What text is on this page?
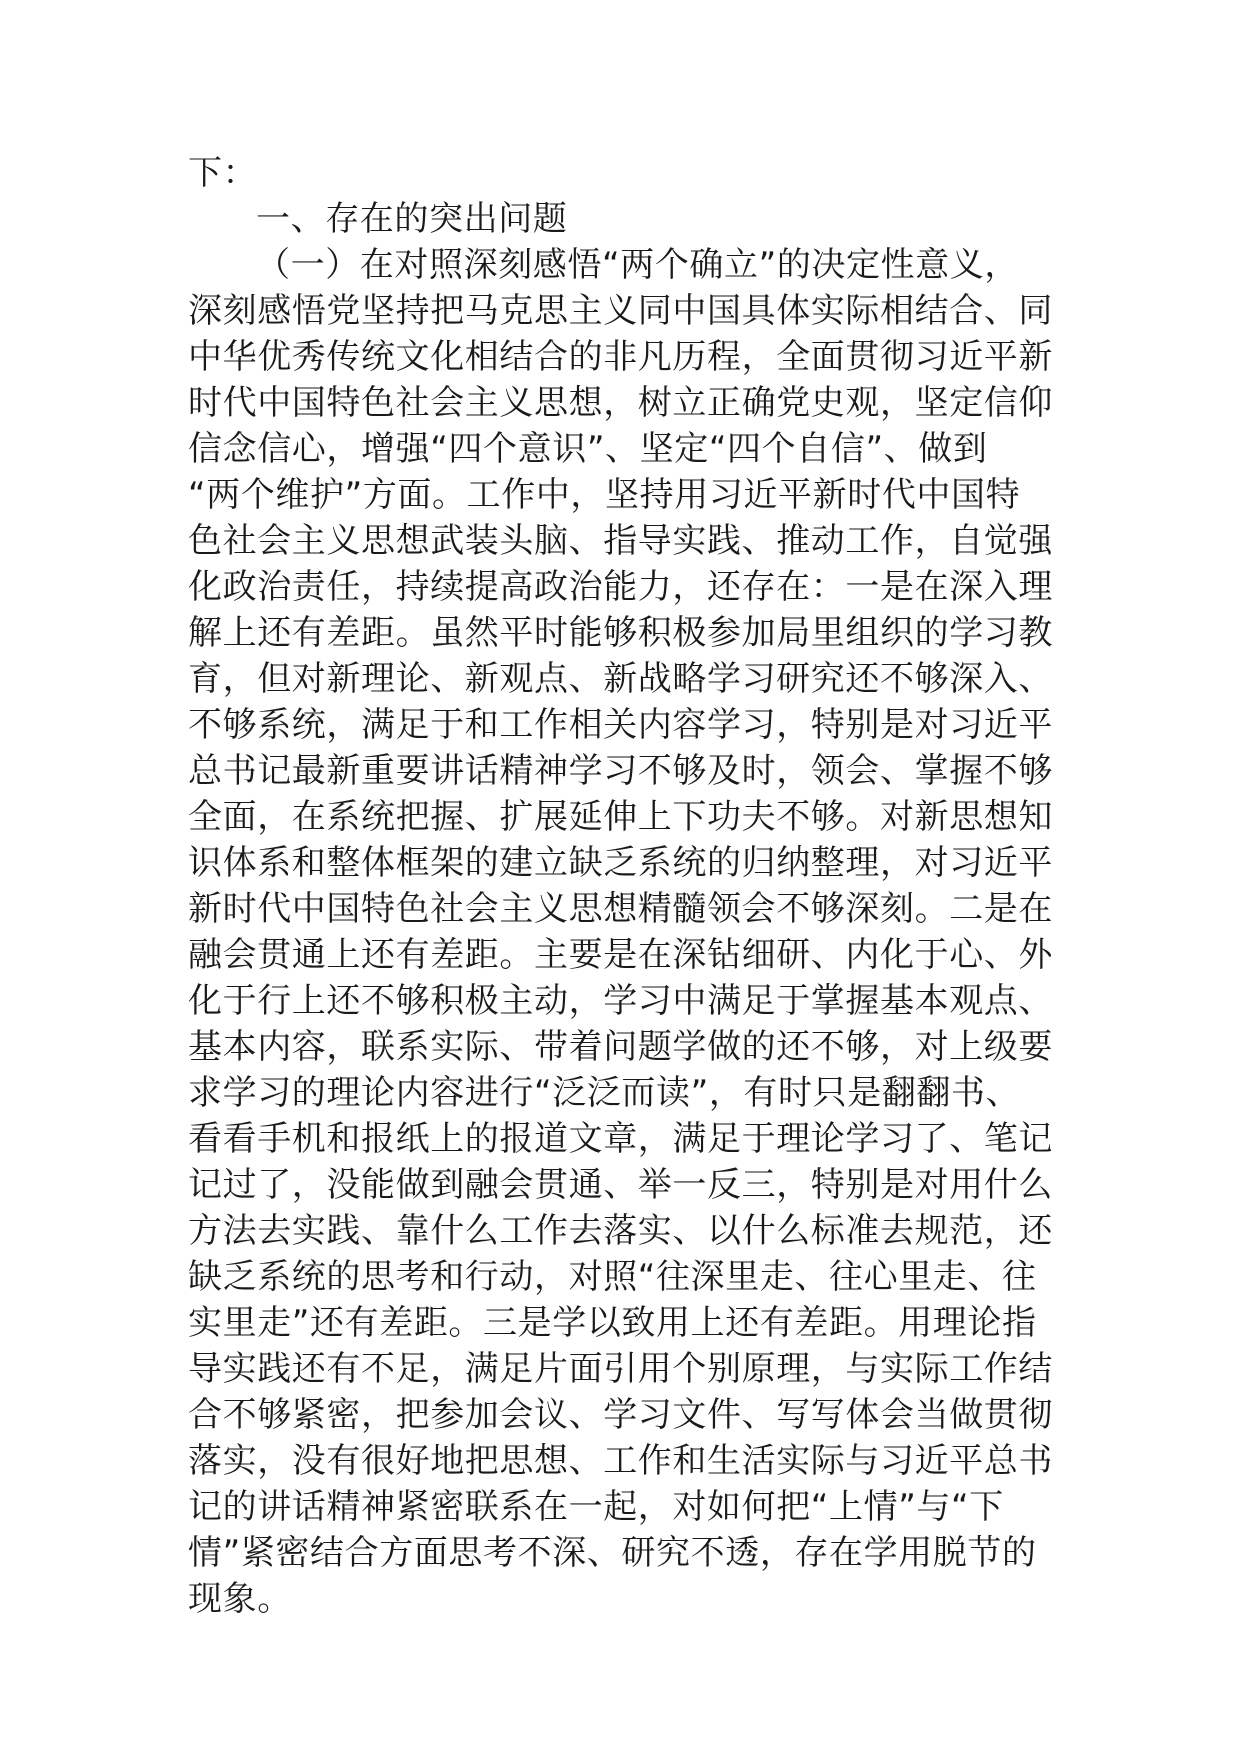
下：
一、存在的突出问题
（一）在对照深刻感悟“两个确立”的决定性意义，
深刻感悟党坚持把马克思主义同中国具体实际相结合、同
中华优秀传统文化相结合的非凡历程，全面贯彻习近平新
时代中国特色社会主义思想，树立正确党史观，坚定信仰
信念信心，增强“四个意识”、坚定“四个自信”、做到
“两个维护”方面。工作中，坚持用习近平新时代中国特
色社会主义思想武装头脑、指导实践、推动工作，自觉强
化政治责任，持续提高政治能力，还存在：一是在深入理
解上还有差距。虽然平时能够积极参加局里组织的学习教
育，但对新理论、新观点、新战略学习研究还不够深入、
不够系统，满足于和工作相关内容学习，特别是对习近平
总书记最新重要讲话精神学习不够及时，领会、掌握不够
全面，在系统把握、扩展延伸上下功夫不够。对新思想知
识体系和整体框架的建立缺乏系统的归纳整理，对习近平
新时代中国特色社会主义思想精髓领会不够深刻。二是在
融会贯通上还有差距。主要是在深钻细研、内化于心、外
化于行上还不够积极主动，学习中满足于掌握基本观点、
基本内容，联系实际、带着问题学做的还不够，对上级要
求学习的理论内容进行“泛泛而读”，有时只是翻翻书、
看看手机和报纸上的报道文章，满足于理论学习了、笔记
记过了，没能做到融会贯通、举一反三，特别是对用什么
方法去实践、靠什么工作去落实、以什么标准去规范，还
缺乏系统的思考和行动，对照“往深里走、往心里走、往
实里走”还有差距。三是学以致用上还有差距。用理论指
导实践还有不足，满足片面引用个别原理，与实际工作结
合不够紧密，把参加会议、学习文件、写写体会当做贯彻
落实，没有很好地把思想、工作和生活实际与习近平总书
记的讲话精神紧密联系在一起，对如何把“上情”与“下
情”紧密结合方面思考不深、研究不透，存在学用脱节的
现象。
